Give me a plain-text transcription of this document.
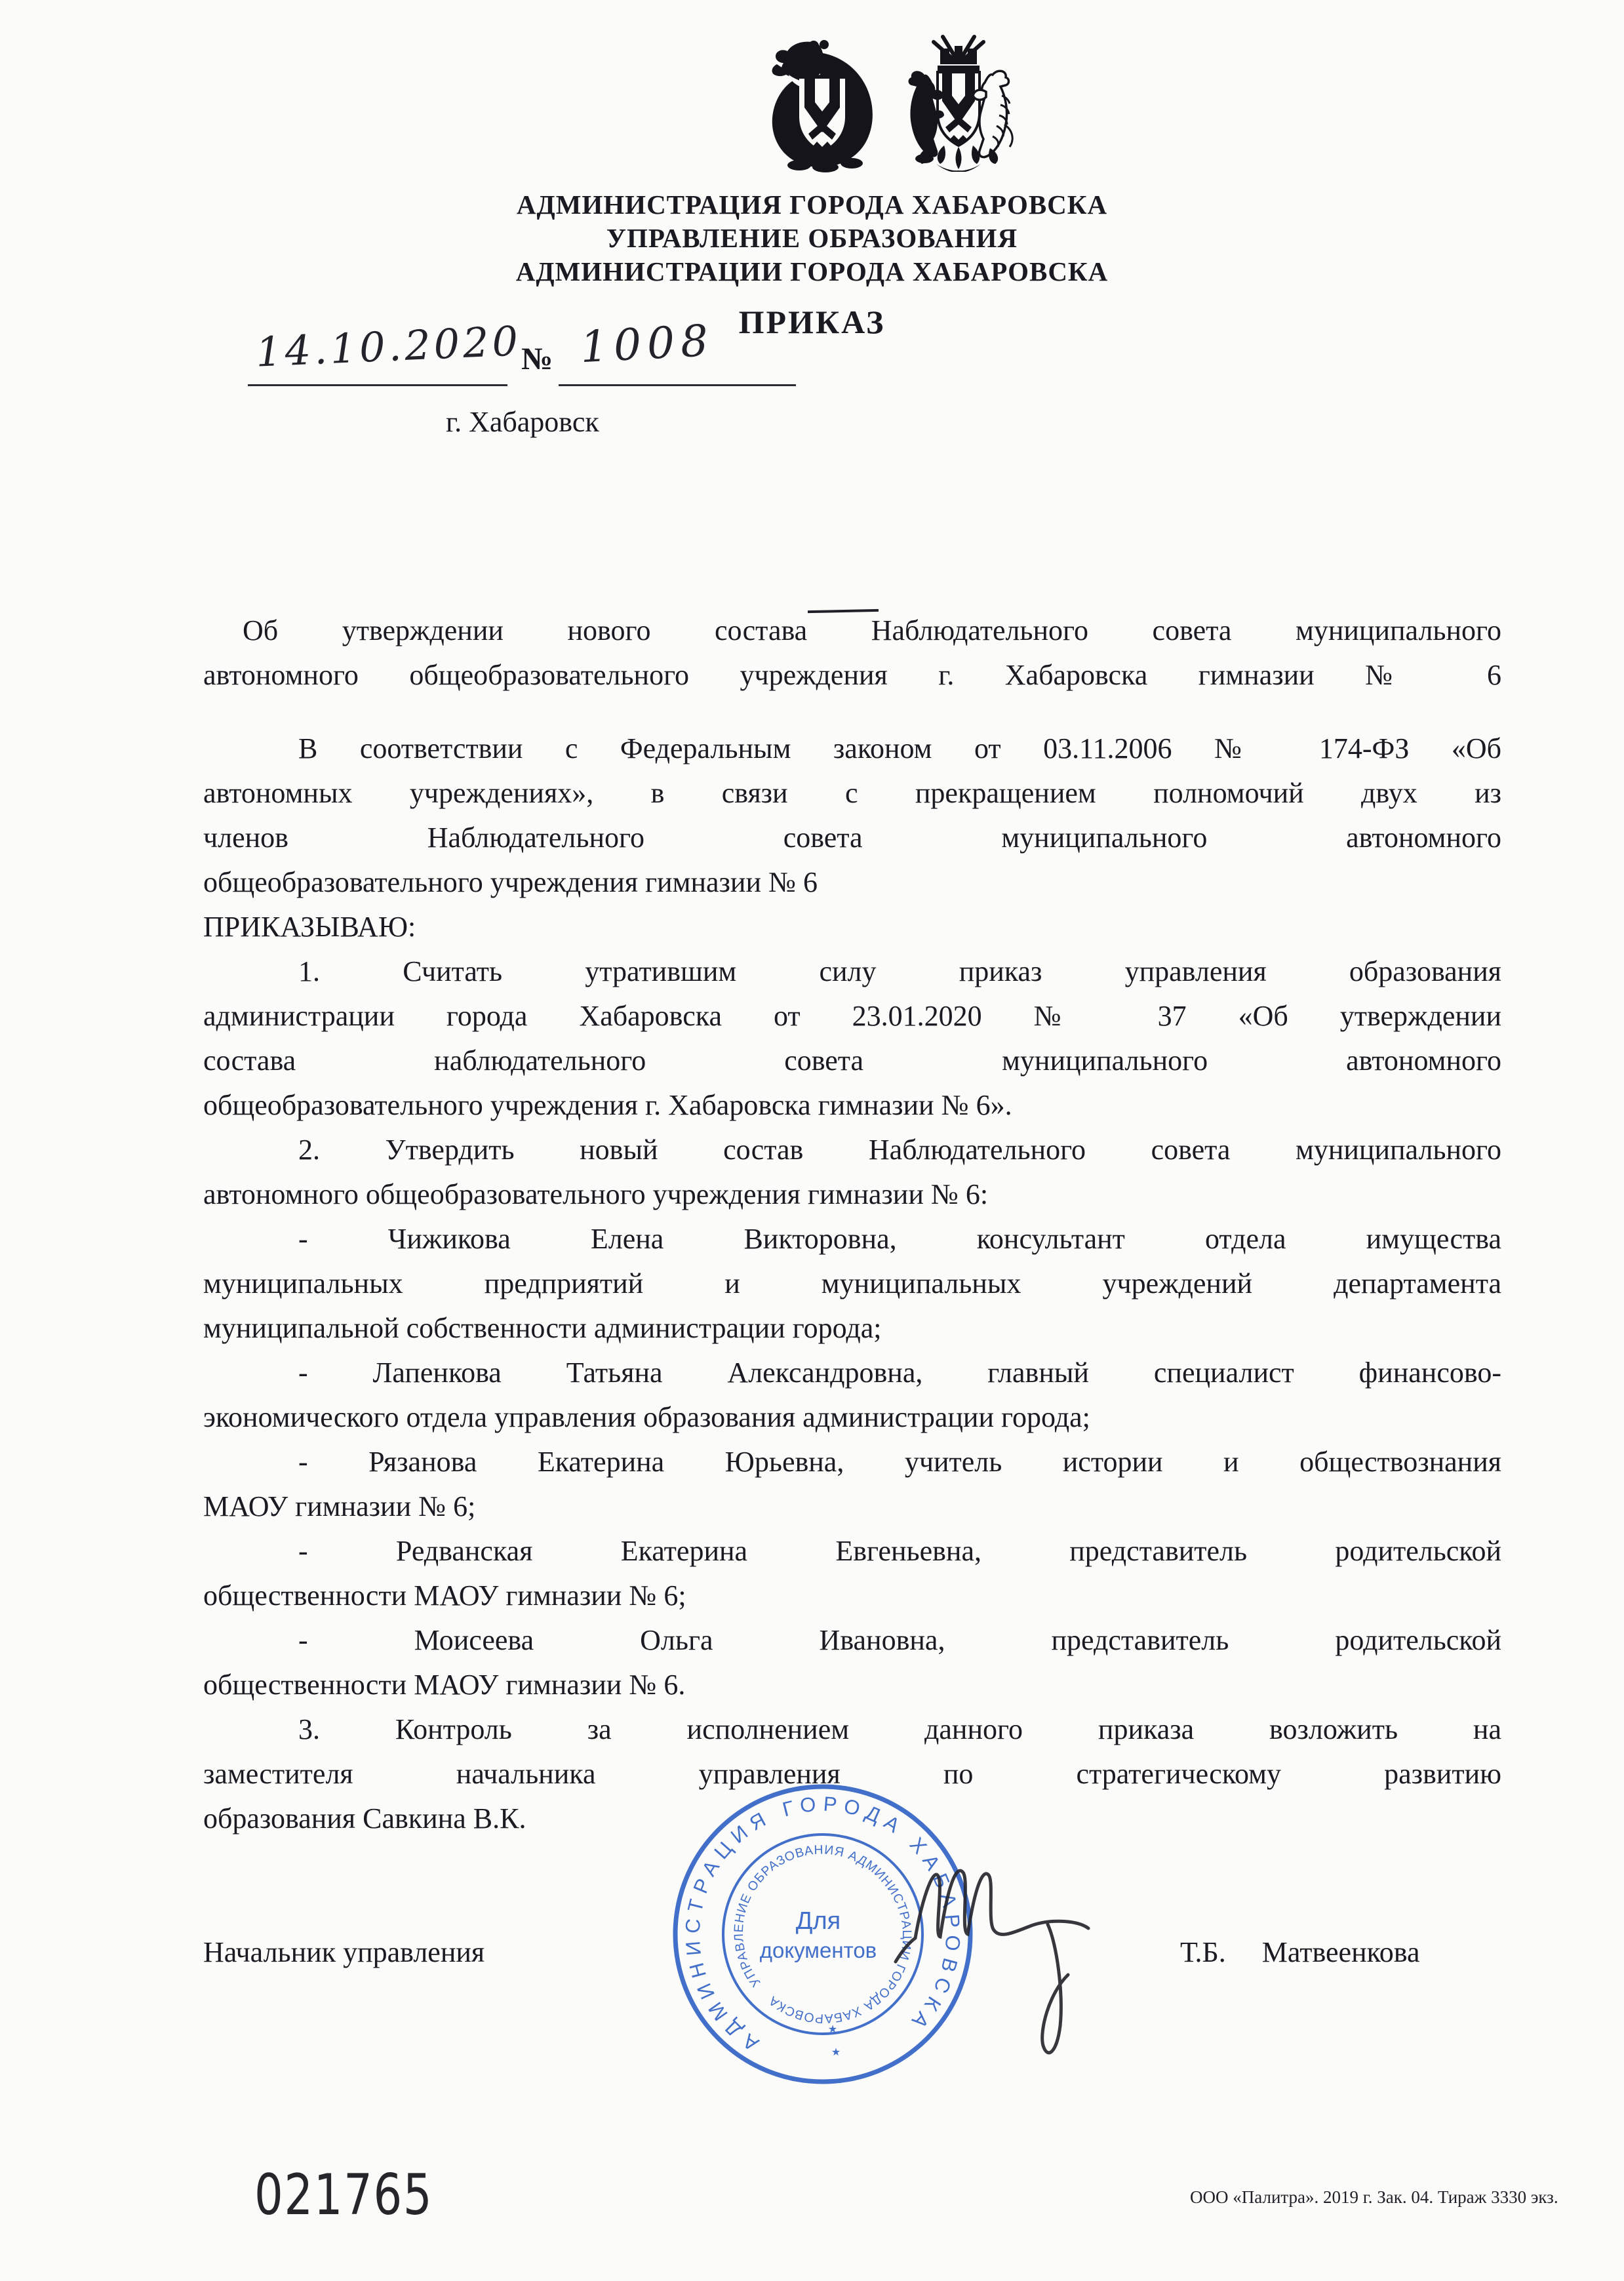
АДМИНИСТРАЦИЯ ГОРОДА ХАБАРОВСКА
УПРАВЛЕНИЕ ОБРАЗОВАНИЯ
АДМИНИСТРАЦИИ ГОРОДА ХАБАРОВСКА
ПРИКАЗ
14.10.2020
№ 1008
г. Хабаровск
Об утверждении нового состава Наблюдательного совета муниципального
автономного общеобразовательного учреждения г. Хабаровска гимназии № 6
В соответствии с Федеральным законом от 03.11.2006 № 174-ФЗ «Об
автономных учреждениях», в связи с прекращением полномочий двух из
членов Наблюдательного совета муниципального автономного
общеобразовательного учреждения гимназии № 6
ПРИКАЗЫВАЮ:
1. Считать утратившим силу приказ управления образования
администрации города Хабаровска от 23.01.2020 № 37 «Об утверждении
состава наблюдательного совета муниципального автономного
общеобразовательного учреждения г. Хабаровска гимназии № 6».
2. Утвердить новый состав Наблюдательного совета муниципального
автономного общеобразовательного учреждения гимназии № 6:
- Чижикова Елена Викторовна, консультант отдела имущества
муниципальных предприятий и муниципальных учреждений департамента
муниципальной собственности администрации города;
- Лапенкова Татьяна Александровна, главный специалист финансово-
экономического отдела управления образования администрации города;
- Рязанова Екатерина Юрьевна, учитель истории и обществознания
МАОУ гимназии № 6;
- Редванская Екатерина Евгеньевна, представитель родительской
общественности МАОУ гимназии № 6;
- Моисеева Ольга Ивановна, представитель родительской
общественности МАОУ гимназии № 6.
3. Контроль за исполнением данного приказа возложить на
заместителя начальника управления по стратегическому развитию
образования Савкина В.К.
Начальник управления	Т.Б. Матвеенкова
АДМИНИСТРАЦИЯ ГОРОДА ХАБАРОВСКА
УПРАВЛЕНИЕ ОБРАЗОВАНИЯ АДМИНИСТРАЦИИ ГОРОДА ХАБАРОВСКА
Для
документов
★
★
021765	ООО «Палитра». 2019 г. Зак. 04. Тираж 3330 экз.
